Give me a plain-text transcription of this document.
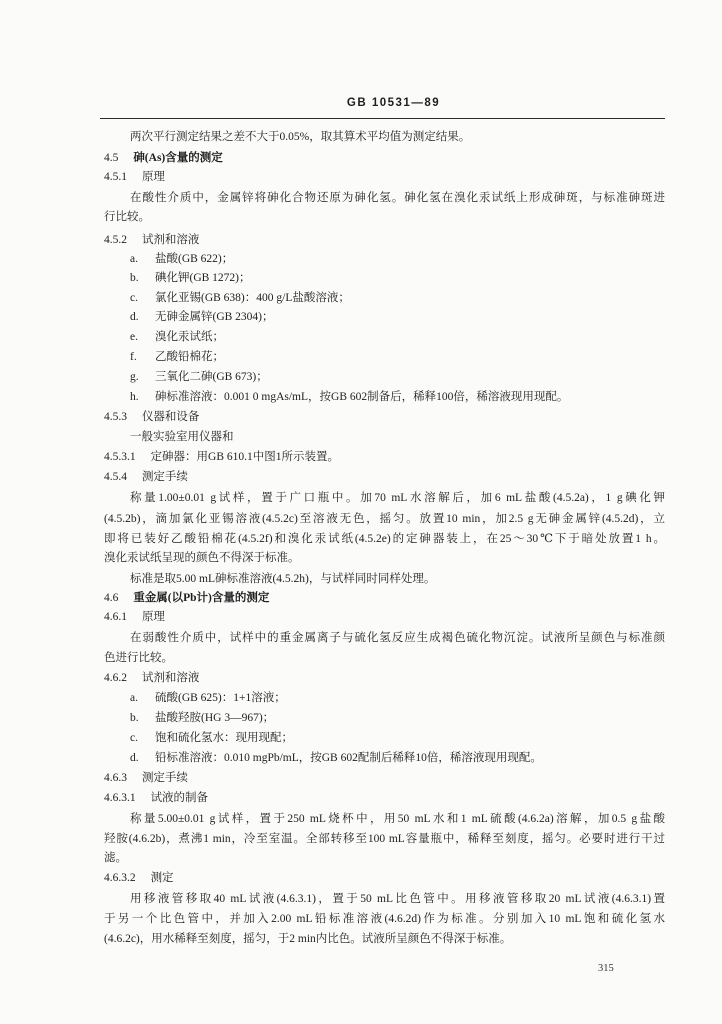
GB 10531—89
两次平行测定结果之差不大于0.05%，取其算术平均值为测定结果。
4.5 砷(As)含量的测定
4.5.1 原理
在酸性介质中，金属锌将砷化合物还原为砷化氢。砷化氢在溴化汞试纸上形成砷斑，与标准砷斑进
行比较。
4.5.2 试剂和溶液
a. 盐酸(GB 622)；
b. 碘化钾(GB 1272)；
c. 氯化亚锡(GB 638)：400 g/L盐酸溶液；
d. 无砷金属锌(GB 2304)；
e. 溴化汞试纸；
f. 乙酸铅棉花；
g. 三氧化二砷(GB 673)；
h. 砷标准溶液：0.001 0 mgAs/mL，按GB 602制备后，稀释100倍，稀溶液现用现配。
4.5.3 仪器和设备
一般实验室用仪器和
4.5.3.1 定砷器：用GB 610.1中图1所示装置。
4.5.4 测定手续
称量1.00±0.01 g试样，置于广口瓶中。加70 mL水溶解后，加6 mL盐酸(4.5.2a)，1 g碘化钾
(4.5.2b)，滴加氯化亚锡溶液(4.5.2c)至溶液无色，摇匀。放置10 min，加2.5 g无砷金属锌(4.5.2d)，立
即将已装好乙酸铅棉花(4.5.2f)和溴化汞试纸(4.5.2e)的定砷器装上，在25～30℃下于暗处放置1 h。
溴化汞试纸呈现的颜色不得深于标准。
标准是取5.00 mL砷标准溶液(4.5.2h)，与试样同时同样处理。
4.6 重金属(以Pb计)含量的测定
4.6.1 原理
在弱酸性介质中，试样中的重金属离子与硫化氢反应生成褐色硫化物沉淀。试液所呈颜色与标准颜
色进行比较。
4.6.2 试剂和溶液
a. 硫酸(GB 625)：1+1溶液；
b. 盐酸羟胺(HG 3—967)；
c. 饱和硫化氢水：现用现配；
d. 铅标准溶液：0.010 mgPb/mL，按GB 602配制后稀释10倍，稀溶液现用现配。
4.6.3 测定手续
4.6.3.1 试液的制备
称量5.00±0.01 g试样，置于250 mL烧杯中，用50 mL水和1 mL硫酸(4.6.2a)溶解，加0.5 g盐酸
羟胺(4.6.2b)，煮沸1 min，冷至室温。全部转移至100 mL容量瓶中，稀释至刻度，摇匀。必要时进行干过
滤。
4.6.3.2 测定
用移液管移取40 mL试液(4.6.3.1)，置于50 mL比色管中。用移液管移取20 mL试液(4.6.3.1)置
于另一个比色管中，并加入2.00 mL铅标准溶液(4.6.2d)作为标准。分别加入10 mL饱和硫化氢水
(4.6.2c)，用水稀释至刻度，摇匀，于2 min内比色。试液所呈颜色不得深于标准。
315
